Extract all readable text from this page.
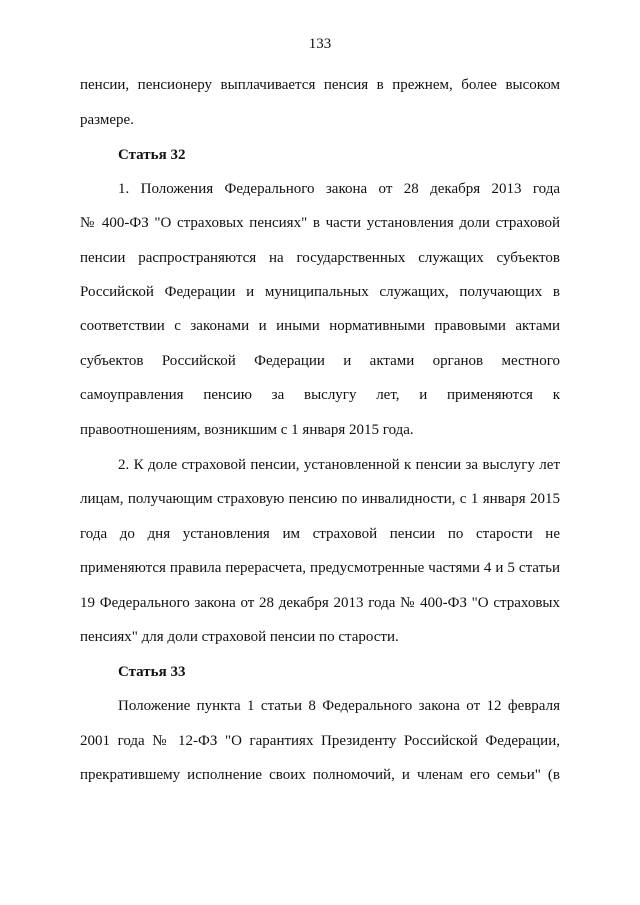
133
пенсии, пенсионеру выплачивается пенсия в прежнем, более высоком
размере.
Статья 32
1. Положения Федерального закона от 28 декабря 2013 года
№ 400-ФЗ "О страховых пенсиях" в части установления доли страховой
пенсии распространяются на государственных служащих субъектов
Российской Федерации и муниципальных служащих, получающих в
соответствии с законами и иными нормативными правовыми актами
субъектов Российской Федерации и актами органов местного
самоуправления пенсию за выслугу лет, и применяются к
правоотношениям, возникшим с 1 января 2015 года.
2. К доле страховой пенсии, установленной к пенсии за выслугу лет
лицам, получающим страховую пенсию по инвалидности, с 1 января 2015
года до дня установления им страховой пенсии по старости не
применяются правила перерасчета, предусмотренные частями 4 и 5 статьи
19 Федерального закона от 28 декабря 2013 года № 400-ФЗ "О страховых
пенсиях" для доли страховой пенсии по старости.
Статья 33
Положение пункта 1 статьи 8 Федерального закона от 12 февраля
2001 года № 12-ФЗ "О гарантиях Президенту Российской Федерации,
прекратившему исполнение своих полномочий, и членам его семьи" (в
